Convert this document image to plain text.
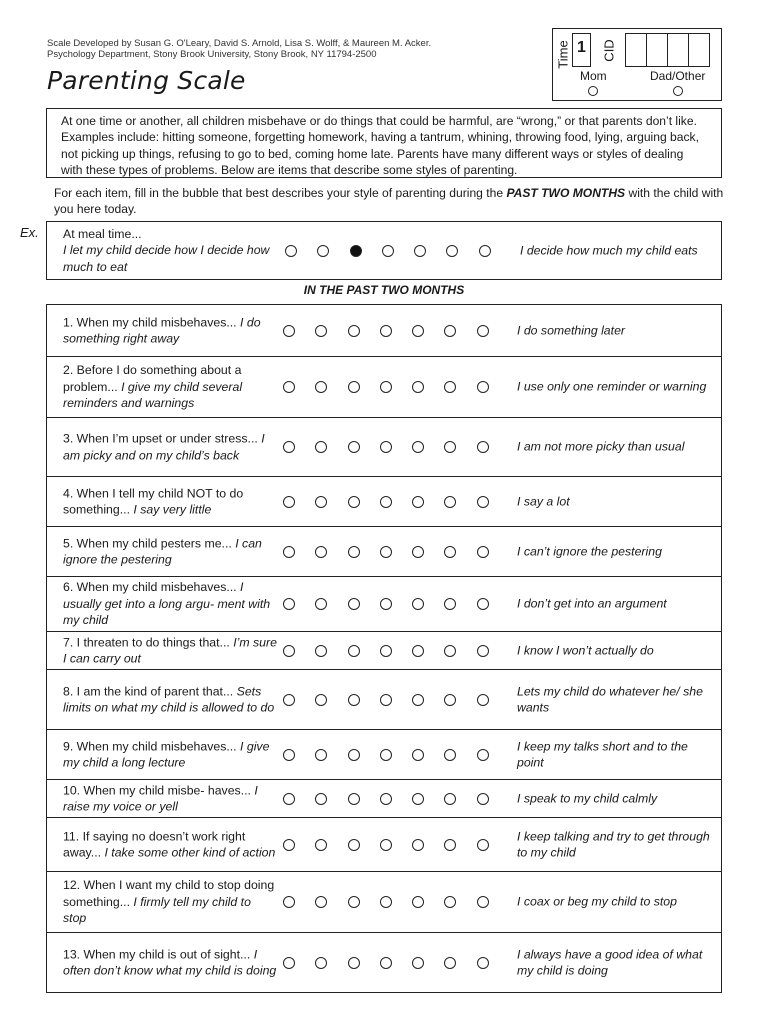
Scale Developed by Susan G. O'Leary, David S. Arnold, Lisa S. Wolff, & Maureen M. Acker.
Psychology Department, Stony Brook University, Stony Brook, NY 11794-2500
Parenting Scale
Time 1	CID
Mom	Dad/Other
At one time or another, all children misbehave or do things that could be harmful, are “wrong,” or that parents don’t like. Examples include: hitting someone, forgetting homework, having a tantrum, whining, throwing food, lying, arguing back, not picking up things, refusing to go to bed, coming home late. Parents have many different ways or styles of dealing with these types of problems. Below are items that describe some styles of parenting.
For each item, fill in the bubble that best describes your style of parenting during the PAST TWO MONTHS with the child with you here today.
Ex. At meal time...
I let my child decide how I decide how much to eat
I decide how much my child eats
IN THE PAST TWO MONTHS
1. When my child misbehaves... I do something right away
I do something later
2. Before I do something about a problem... I give my child several reminders and warnings
I use only one reminder or warning
3. When I’m upset or under stress... I am picky and on my child’s back
I am not more picky than usual
4. When I tell my child NOT to do something... I say very little
I say a lot
5. When my child pesters me... I can ignore the pestering
I can’t ignore the pestering
6. When my child misbehaves... I usually get into a long argu- ment with my child
I don’t get into an argument
7. I threaten to do things that... I’m sure I can carry out
I know I won’t actually do
8. I am the kind of parent that... Sets limits on what my child is allowed to do
Lets my child do whatever he/ she wants
9. When my child misbehaves... I give my child a long lecture
I keep my talks short and to the point
10. When my child misbe- haves... I raise my voice or yell
I speak to my child calmly
11. If saying no doesn’t work right away... I take some other kind of action
I keep talking and try to get through to my child
12. When I want my child to stop doing something... I firmly tell my child to stop
I coax or beg my child to stop
13. When my child is out of sight... I often don’t know what my child is doing
I always have a good idea of what my child is doing
